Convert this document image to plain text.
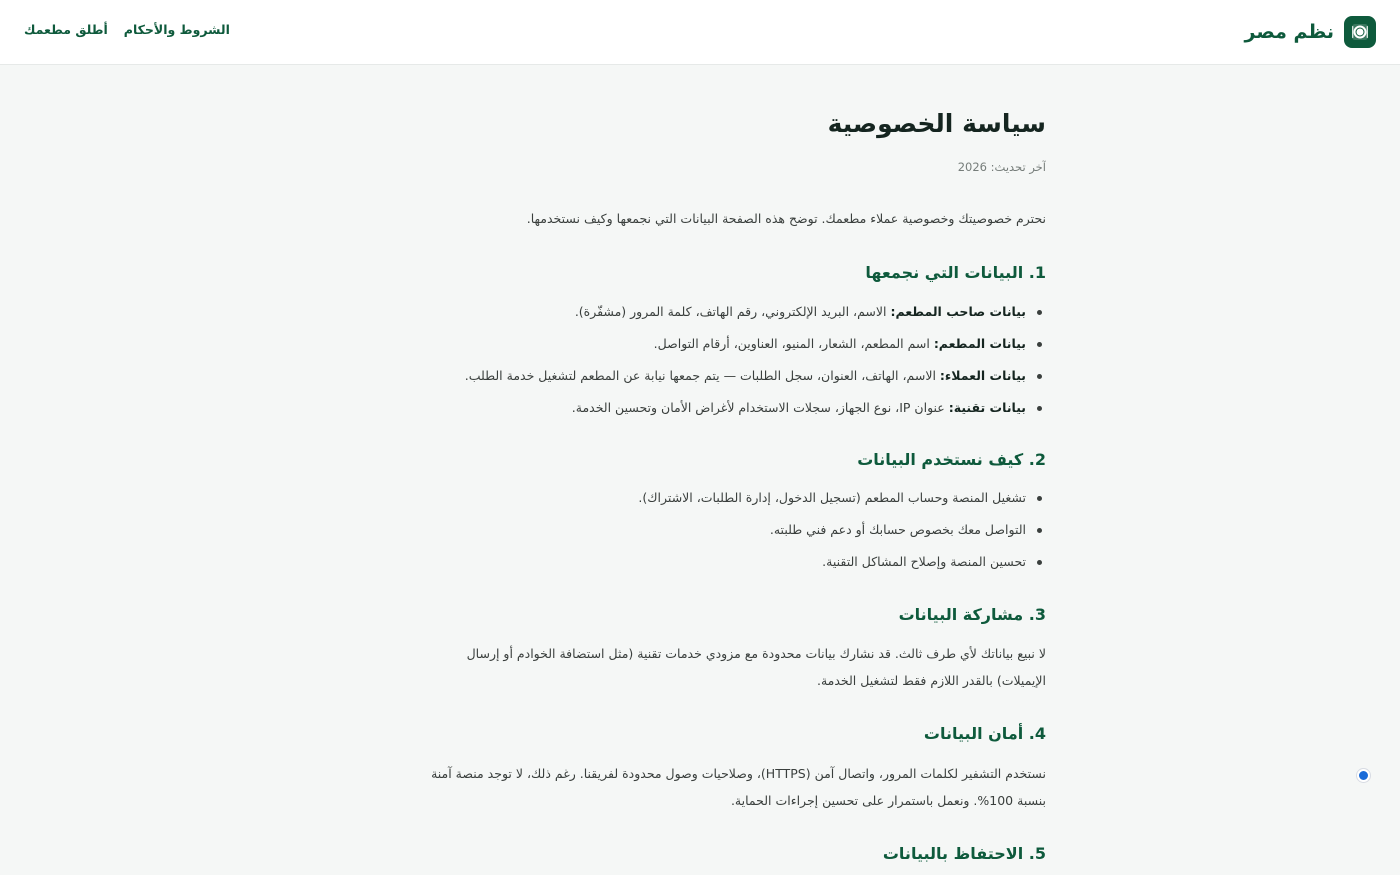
نظم مصر
أطلق مطعمك الشروط والأحكام
سياسة الخصوصية
آخر تحديث: 2026

نحترم خصوصيتك وخصوصية عملاء مطعمك. توضح هذه الصفحة البيانات التي نجمعها وكيف نستخدمها.

1. البيانات التي نجمعها
بيانات صاحب المطعم: الاسم، البريد الإلكتروني، رقم الهاتف، كلمة المرور (مشفّرة).
بيانات المطعم: اسم المطعم، الشعار، المنيو، العناوين، أرقام التواصل.
بيانات العملاء: الاسم، الهاتف، العنوان، سجل الطلبات — يتم جمعها نيابة عن المطعم لتشغيل خدمة الطلب.
بيانات تقنية: عنوان IP، نوع الجهاز، سجلات الاستخدام لأغراض الأمان وتحسين الخدمة.
2. كيف نستخدم البيانات
تشغيل المنصة وحساب المطعم (تسجيل الدخول، إدارة الطلبات، الاشتراك).
التواصل معك بخصوص حسابك أو دعم فني طلبته.
تحسين المنصة وإصلاح المشاكل التقنية.
3. مشاركة البيانات
لا نبيع بياناتك لأي طرف ثالث. قد نشارك بيانات محدودة مع مزودي خدمات تقنية (مثل استضافة الخوادم أو إرسال
الإيميلات) بالقدر اللازم فقط لتشغيل الخدمة.
4. أمان البيانات
نستخدم التشفير لكلمات المرور، واتصال آمن (HTTPS)، وصلاحيات وصول محدودة لفريقنا. رغم ذلك، لا توجد منصة آمنة
بنسبة 100%. ونعمل باستمرار على تحسين إجراءات الحماية.
5. الاحتفاظ بالبيانات
